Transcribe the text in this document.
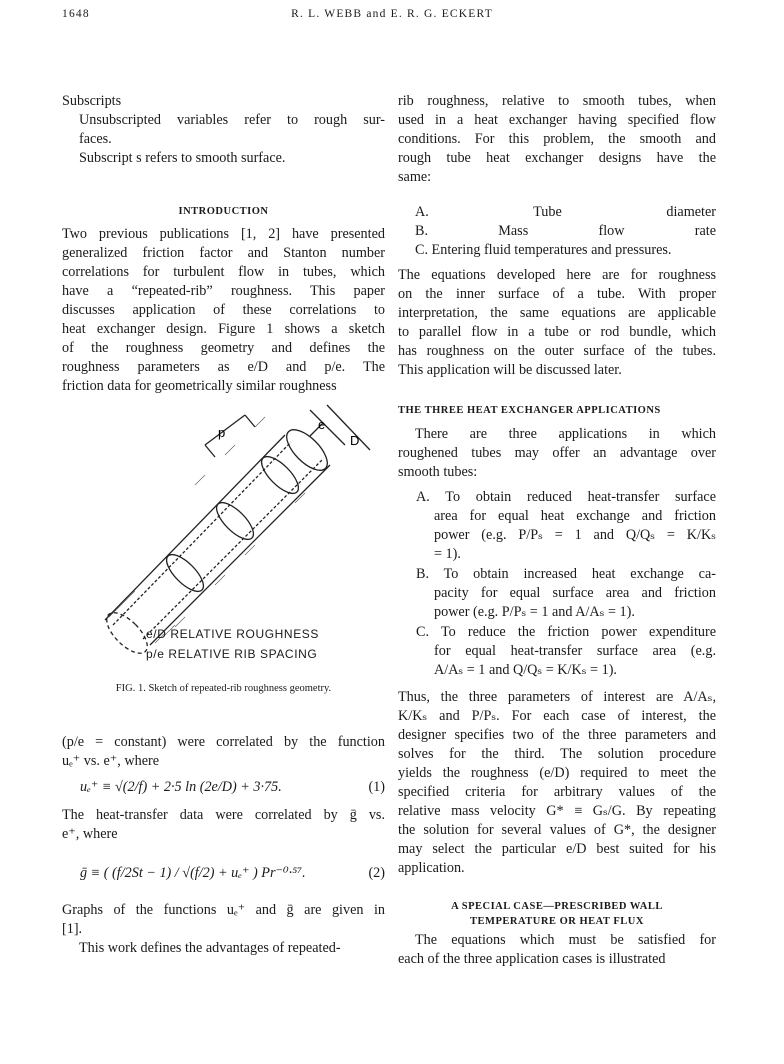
1648	R. L. WEBB and E. R. G. ECKERT
Subscripts
Unsubscripted variables refer to rough sur-
faces.
Subscript s refers to smooth surface.
INTRODUCTION
Two previous publications [1, 2] have presented
generalized friction factor and Stanton number
correlations for turbulent flow in tubes, which
have a “repeated-rib” roughness. This paper
discusses application of these correlations to
heat exchanger design. Figure 1 shows a sketch
of the roughness geometry and defines the
roughness parameters as e/D and p/e. The
friction data for geometrically similar roughness
p
e
D
e/D RELATIVE ROUGHNESS
p/e RELATIVE RIB SPACING
FIG. 1. Sketch of repeated-rib roughness geometry.
(p/e = constant) were correlated by the function
uₑ⁺ vs. e⁺, where
uₑ⁺ ≡ √(2/f) + 2·5 ln (2e/D) + 3·75.	(1)
The heat-transfer data were correlated by ḡ vs.
e⁺, where
ḡ ≡ ( (f/2St − 1) / √(f/2) + uₑ⁺ ) Pr⁻⁰·⁵⁷.	(2)
Graphs of the functions uₑ⁺ and ḡ are given in
[1].
This work defines the advantages of repeated-
rib roughness, relative to smooth tubes, when
used in a heat exchanger having specified flow
conditions. For this problem, the smooth and
rough tube heat exchanger designs have the
same:
A. Tube diameter
B. Mass flow rate
C. Entering fluid temperatures and pressures.
The equations developed here are for roughness
on the inner surface of a tube. With proper
interpretation, the same equations are applicable
to parallel flow in a tube or rod bundle, which
has roughness on the outer surface of the tubes.
This application will be discussed later.
THE THREE HEAT EXCHANGER APPLICATIONS
There are three applications in which
roughened tubes may offer an advantage over
smooth tubes:
A. To obtain reduced heat-transfer surface
area for equal heat exchange and friction
power (e.g. P/Pₛ = 1 and Q/Qₛ = K/Kₛ
= 1).
B. To obtain increased heat exchange ca-
pacity for equal surface area and friction
power (e.g. P/Pₛ = 1 and A/Aₛ = 1).
C. To reduce the friction power expenditure
for equal heat-transfer surface area (e.g.
A/Aₛ = 1 and Q/Qₛ = K/Kₛ = 1).
Thus, the three parameters of interest are A/Aₛ,
K/Kₛ and P/Pₛ. For each case of interest, the
designer specifies two of the three parameters and
solves for the third. The solution procedure
yields the roughness (e/D) required to meet the
specified criteria for arbitrary values of the
relative mass velocity G* ≡ Gₛ/G. By repeating
the solution for several values of G*, the designer
may select the particular e/D best suited for his
application.
A SPECIAL CASE—PRESCRIBED WALL
TEMPERATURE OR HEAT FLUX
The equations which must be satisfied for
each of the three application cases is illustrated
